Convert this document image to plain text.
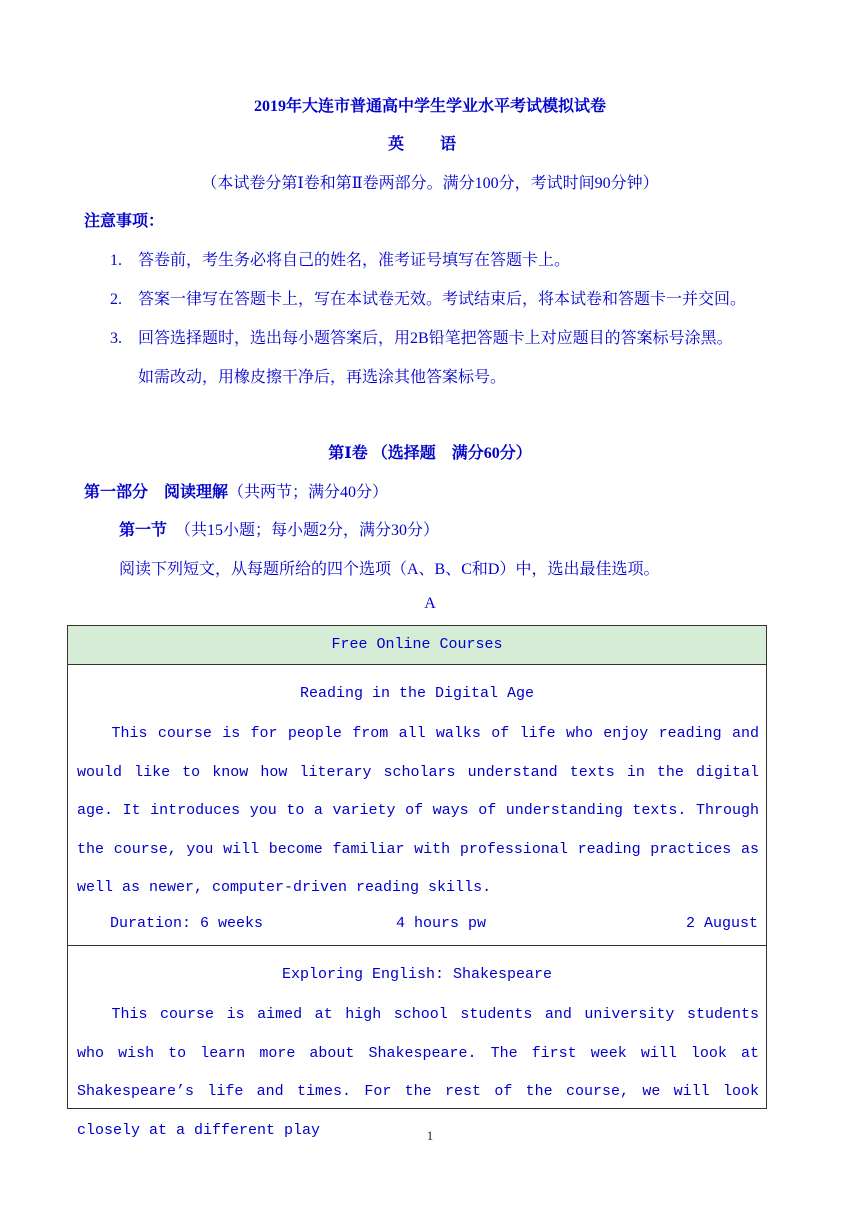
2019年大连市普通高中学生学业水平考试模拟试卷
英 语
（本试卷分第Ⅰ卷和第Ⅱ卷两部分。满分100分，考试时间90分钟）
注意事项：
1. 答卷前，考生务必将自己的姓名，准考证号填写在答题卡上。
2. 答案一律写在答题卡上，写在本试卷无效。考试结束后，将本试卷和答题卡一并交回。
3. 回答选择题时，选出每小题答案后，用2B铅笔把答题卡上对应题目的答案标号涂黑。
如需改动，用橡皮擦干净后，再选涂其他答案标号。
第Ⅰ卷 （选择题　满分60分）
第一部分　阅读理解（共两节；满分40分）
第一节　（共15小题；每小题2分，满分30分）
阅读下列短文，从每题所给的四个选项（A、B、C和D）中，选出最佳选项。
A
Free Online Courses
Reading in the Digital Age

This course is for people from all walks of life who enjoy reading and would like to know how literary scholars understand texts in the digital age. It introduces you to a variety of ways of understanding texts. Through the course, you will become familiar with professional reading practices as well as newer, computer-driven reading skills.

Duration: 6 weeks	4 hours pw	2 August
Exploring English: Shakespeare

This course is aimed at high school students and university students who wish to learn more about Shakespeare. The first week will look at Shakespeare’s life and times. For the rest of the course, we will look closely at a different play	1
